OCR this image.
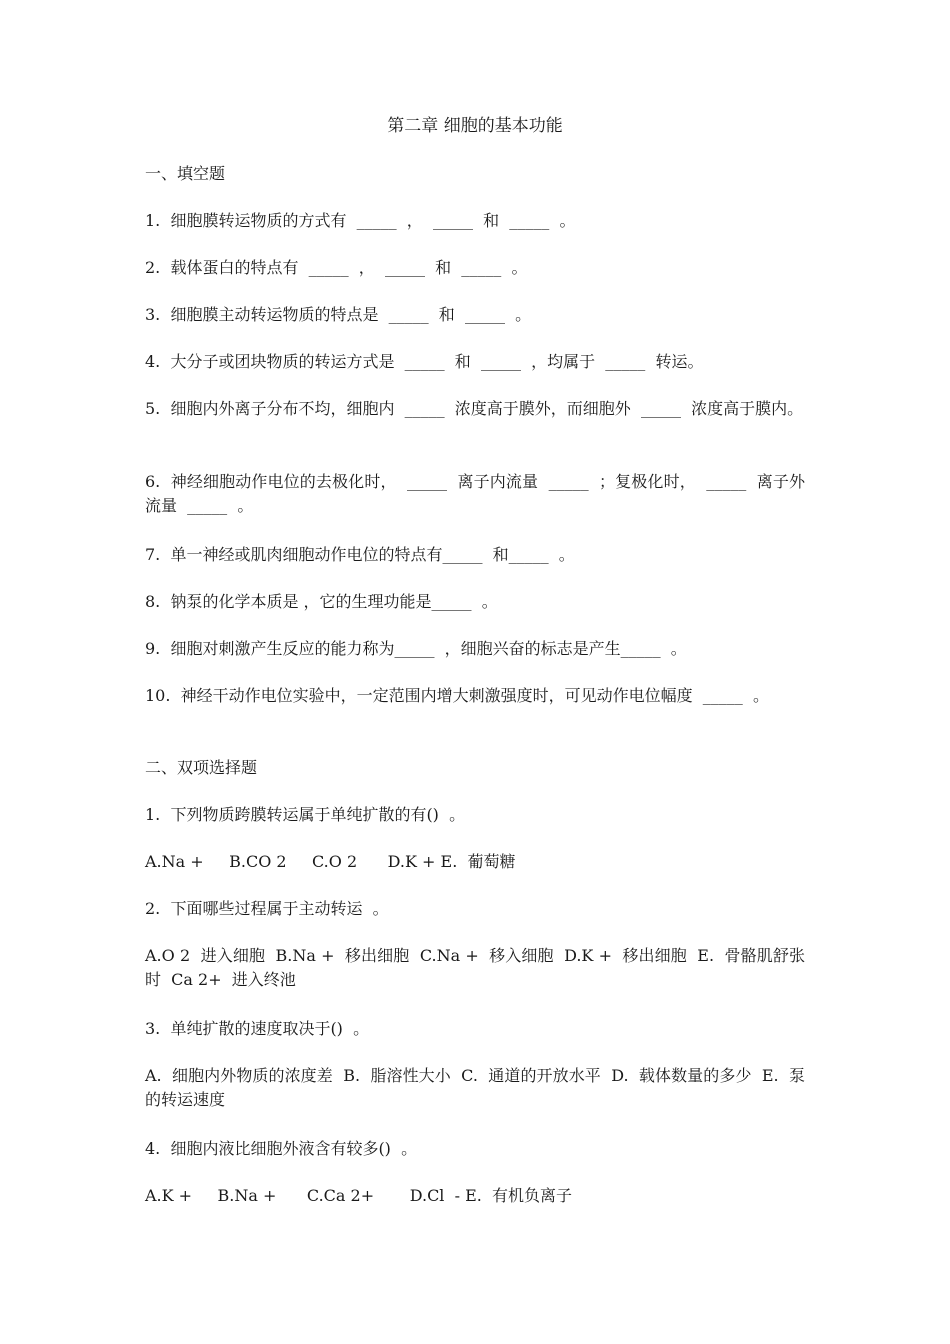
第二章 细胞的基本功能
一、填空题
1.  细胞膜转运物质的方式有  _____  ，  _____  和  _____  。
2.  载体蛋白的特点有  _____  ，  _____  和  _____  。
3.  细胞膜主动转运物质的特点是  _____  和  _____  。
4.  大分子或团块物质的转运方式是  _____  和  _____  ，均属于  _____  转运。
5.  细胞内外离子分布不均，细胞内  _____  浓度高于膜外，而细胞外  _____  浓度高于膜内。
6.  神经细胞动作电位的去极化时，  _____  离子内流量  _____  ；复极化时，  _____  离子外流量  _____  。
7.  单一神经或肌肉细胞动作电位的特点有_____  和_____  。
8.  钠泵的化学本质是 ，它的生理功能是_____  。
9.  细胞对刺激产生反应的能力称为_____  ，细胞兴奋的标志是产生_____  。
10.  神经干动作电位实验中，一定范围内增大刺激强度时，可见动作电位幅度  _____  。
二、双项选择题
1.  下列物质跨膜转运属于单纯扩散的有()  。
A.Na +     B.CO 2     C.O 2      D.K + E.  葡萄糖
2.  下面哪些过程属于主动转运  。
A.O 2  进入细胞  B.Na +  移出细胞  C.Na +  移入细胞  D.K +  移出细胞  E.  骨骼肌舒张时  Ca 2+  进入终池
3.  单纯扩散的速度取决于()  。
A.  细胞内外物质的浓度差  B.  脂溶性大小  C.  通道的开放水平  D.  载体数量的多少  E.  泵的转运速度
4.  细胞内液比细胞外液含有较多()  。
A.K +     B.Na +      C.Ca 2+       D.Cl  - E.  有机负离子
